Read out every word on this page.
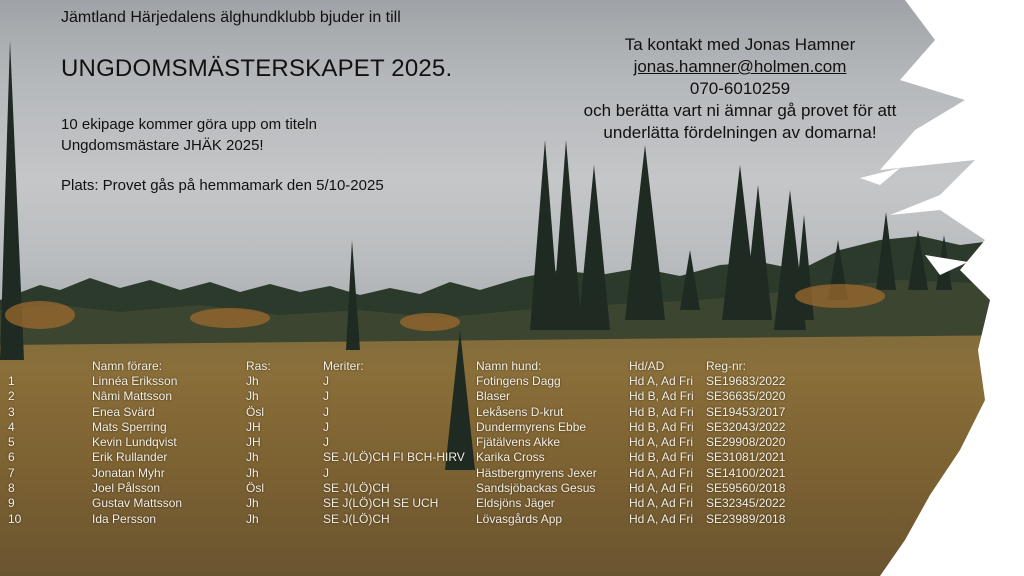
Jämtland Härjedalens älghundklubb bjuder in till
UNGDOMSMÄSTERSKAPET 2025.
10 ekipage kommer göra upp om titeln
Ungdomsmästare JHÄK 2025!
Plats: Provet gås på hemmamark den 5/10-2025
Ta kontakt med Jonas Hamner
jonas.hamner@holmen.com
070-6010259
och berätta vart ni ämnar gå provet för att
underlätta fördelningen av domarna!
	Namn förare:	Ras:	Meriter:	Namn hund:	Hd/AD	Reg-nr:
1	Linnéa Eriksson	Jh	J	Fotingens Dagg	Hd A, Ad Fri	SE19683/2022
2	Nâmi Mattsson	Jh	J	Blaser	Hd B, Ad Fri	SE36635/2020
3	Enea Svärd	Ösl	J	Lekåsens D-krut	Hd B, Ad Fri	SE19453/2017
4	Mats Sperring	JH	J	Dundermyrens Ebbe	Hd B, Ad Fri	SE32043/2022
5	Kevin Lundqvist	JH	J	Fjätälvens Akke	Hd A, Ad Fri	SE29908/2020
6	Erik Rullander	Jh	SE J(LÖ)CH FI BCH-HIRV	Karika Cross	Hd B, Ad Fri	SE31081/2021
7	Jonatan Myhr	Jh	J	Hästbergmyrens Jexer	Hd A, Ad Fri	SE14100/2021
8	Joel Pålsson	Ösl	SE J(LÖ)CH	Sandsjöbackas Gesus	Hd A, Ad Fri	SE59560/2018
9	Gustav Mattsson	Jh	SE J(LÖ)CH SE UCH	Eldsjöns Jäger	Hd A, Ad Fri	SE32345/2022
10	Ida Persson	Jh	SE J(LÖ)CH	Lövasgårds App	Hd A, Ad Fri	SE23989/2018
